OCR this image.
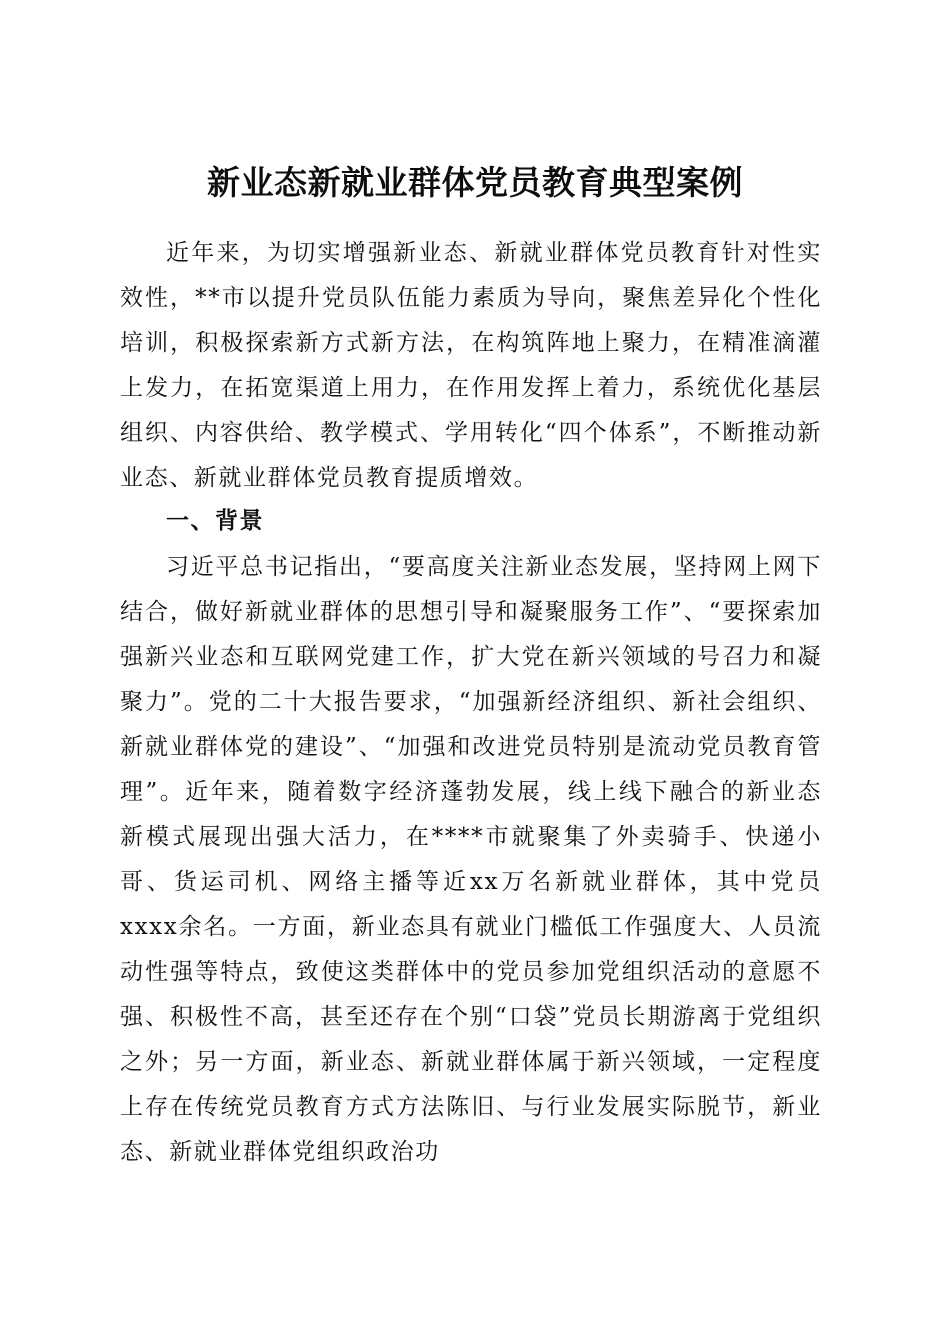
新业态新就业群体党员教育典型案例

近年来，为切实增强新业态、新就业群体党员教育针对性实效性，**市以提升党员队伍能力素质为导向，聚焦差异化个性化培训，积极探索新方式新方法，在构筑阵地上聚力，在精准滴灌上发力，在拓宽渠道上用力，在作用发挥上着力，系统优化基层组织、内容供给、教学模式、学用转化“四个体系”，不断推动新业态、新就业群体党员教育提质增效。

一、背景

习近平总书记指出，“要高度关注新业态发展，坚持网上网下结合，做好新就业群体的思想引导和凝聚服务工作”、“要探索加强新兴业态和互联网党建工作，扩大党在新兴领域的号召力和凝聚力”。党的二十大报告要求，“加强新经济组织、新社会组织、新就业群体党的建设”、“加强和改进党员特别是流动党员教育管理”。近年来，随着数字经济蓬勃发展，线上线下融合的新业态新模式展现出强大活力，在****市就聚集了外卖骑手、快递小哥、货运司机、网络主播等近xx万名新就业群体，其中党员xxxx余名。一方面，新业态具有就业门槛低工作强度大、人员流动性强等特点，致使这类群体中的党员参加党组织活动的意愿不强、积极性不高，甚至还存在个别“口袋”党员长期游离于党组织之外；另一方面，新业态、新就业群体属于新兴领域，一定程度上存在传统党员教育方式方法陈旧、与行业发展实际脱节，新业态、新就业群体党组织政治功
